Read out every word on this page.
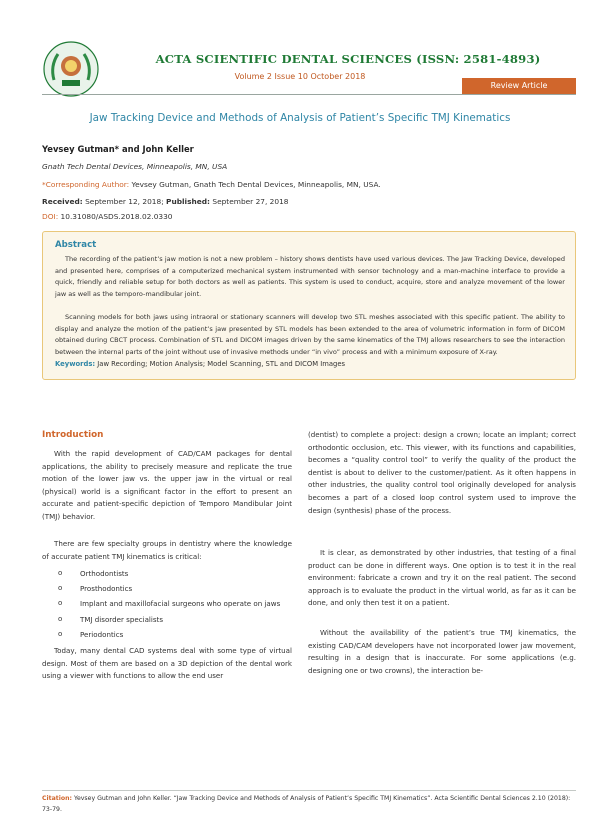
ACTA SCIENTIFIC DENTAL SCIENCES (ISSN: 2581-4893)
Volume 2 Issue 10 October 2018
Review Article
Jaw Tracking Device and Methods of Analysis of Patient’s Specific TMJ Kinematics
Yevsey Gutman* and John Keller
Gnath Tech Dental Devices, Minneapolis, MN, USA
*Corresponding Author: Yevsey Gutman, Gnath Tech Dental Devices, Minneapolis, MN, USA.
Received: September 12, 2018; Published: September 27, 2018
DOI: 10.31080/ASDS.2018.02.0330
Abstract

The recording of the patient’s jaw motion is not a new problem – history shows dentists have used various devices. The Jaw Tracking Device, developed and presented here, comprises of a computerized mechanical system instrumented with sensor technology and a man-machine interface to provide a quick, friendly and reliable setup for both doctors as well as patients. This system is used to conduct, acquire, store and analyze movement of the lower jaw as well as the temporo-mandibular joint.

Scanning models for both jaws using intraoral or stationary scanners will develop two STL meshes associated with this specific patient. The ability to display and analyze the motion of the patient’s jaw presented by STL models has been extended to the area of volumetric information in form of DICOM obtained during CBCT process. Combination of STL and DICOM images driven by the same kinematics of the TMJ allows researchers to see the interaction between the internal parts of the joint without use of invasive methods under “in vivo” process and with a minimum exposure of X-ray.

Keywords: Jaw Recording; Motion Analysis; Model Scanning, STL and DICOM Images
Introduction

With the rapid development of CAD/CAM packages for dental applications, the ability to precisely measure and replicate the true motion of the lower jaw vs. the upper jaw in the virtual or real (physical) world is a significant factor in the effort to present an accurate and patient-specific depiction of Temporo Mandibular Joint (TMJ) behavior.

There are few specialty groups in dentistry where the knowledge of accurate patient TMJ kinematics is critical:

o	Orthodontists
o	Prosthodontics
o	Implant and maxillofacial surgeons who operate on jaws
o	TMJ disorder specialists
o	Periodontics

Today, many dental CAD systems deal with some type of virtual design. Most of them are based on a 3D depiction of the dental work using a viewer with functions to allow the end user

(dentist) to complete a project: design a crown; locate an implant; correct orthodontic occlusion, etc. This viewer, with its functions and capabilities, becomes a “quality control tool” to verify the quality of the product the dentist is about to deliver to the customer/patient. As it often happens in other industries, the quality control tool originally developed for analysis becomes a part of a closed loop control system used to improve the design (synthesis) phase of the process.

It is clear, as demonstrated by other industries, that testing of a final product can be done in different ways. One option is to test it in the real environment: fabricate a crown and try it on the real patient. The second approach is to evaluate the product in the virtual world, as far as it can be done, and only then test it on a patient.

Without the availability of the patient’s true TMJ kinematics, the existing CAD/CAM developers have not incorporated lower jaw movement, resulting in a design that is inaccurate. For some applications (e.g. designing one or two crowns), the interaction be-

Citation: Yevsey Gutman and John Keller. “Jaw Tracking Device and Methods of Analysis of Patient’s Specific TMJ Kinematics”. Acta Scientific Dental Sciences 2.10 (2018): 73-79.
